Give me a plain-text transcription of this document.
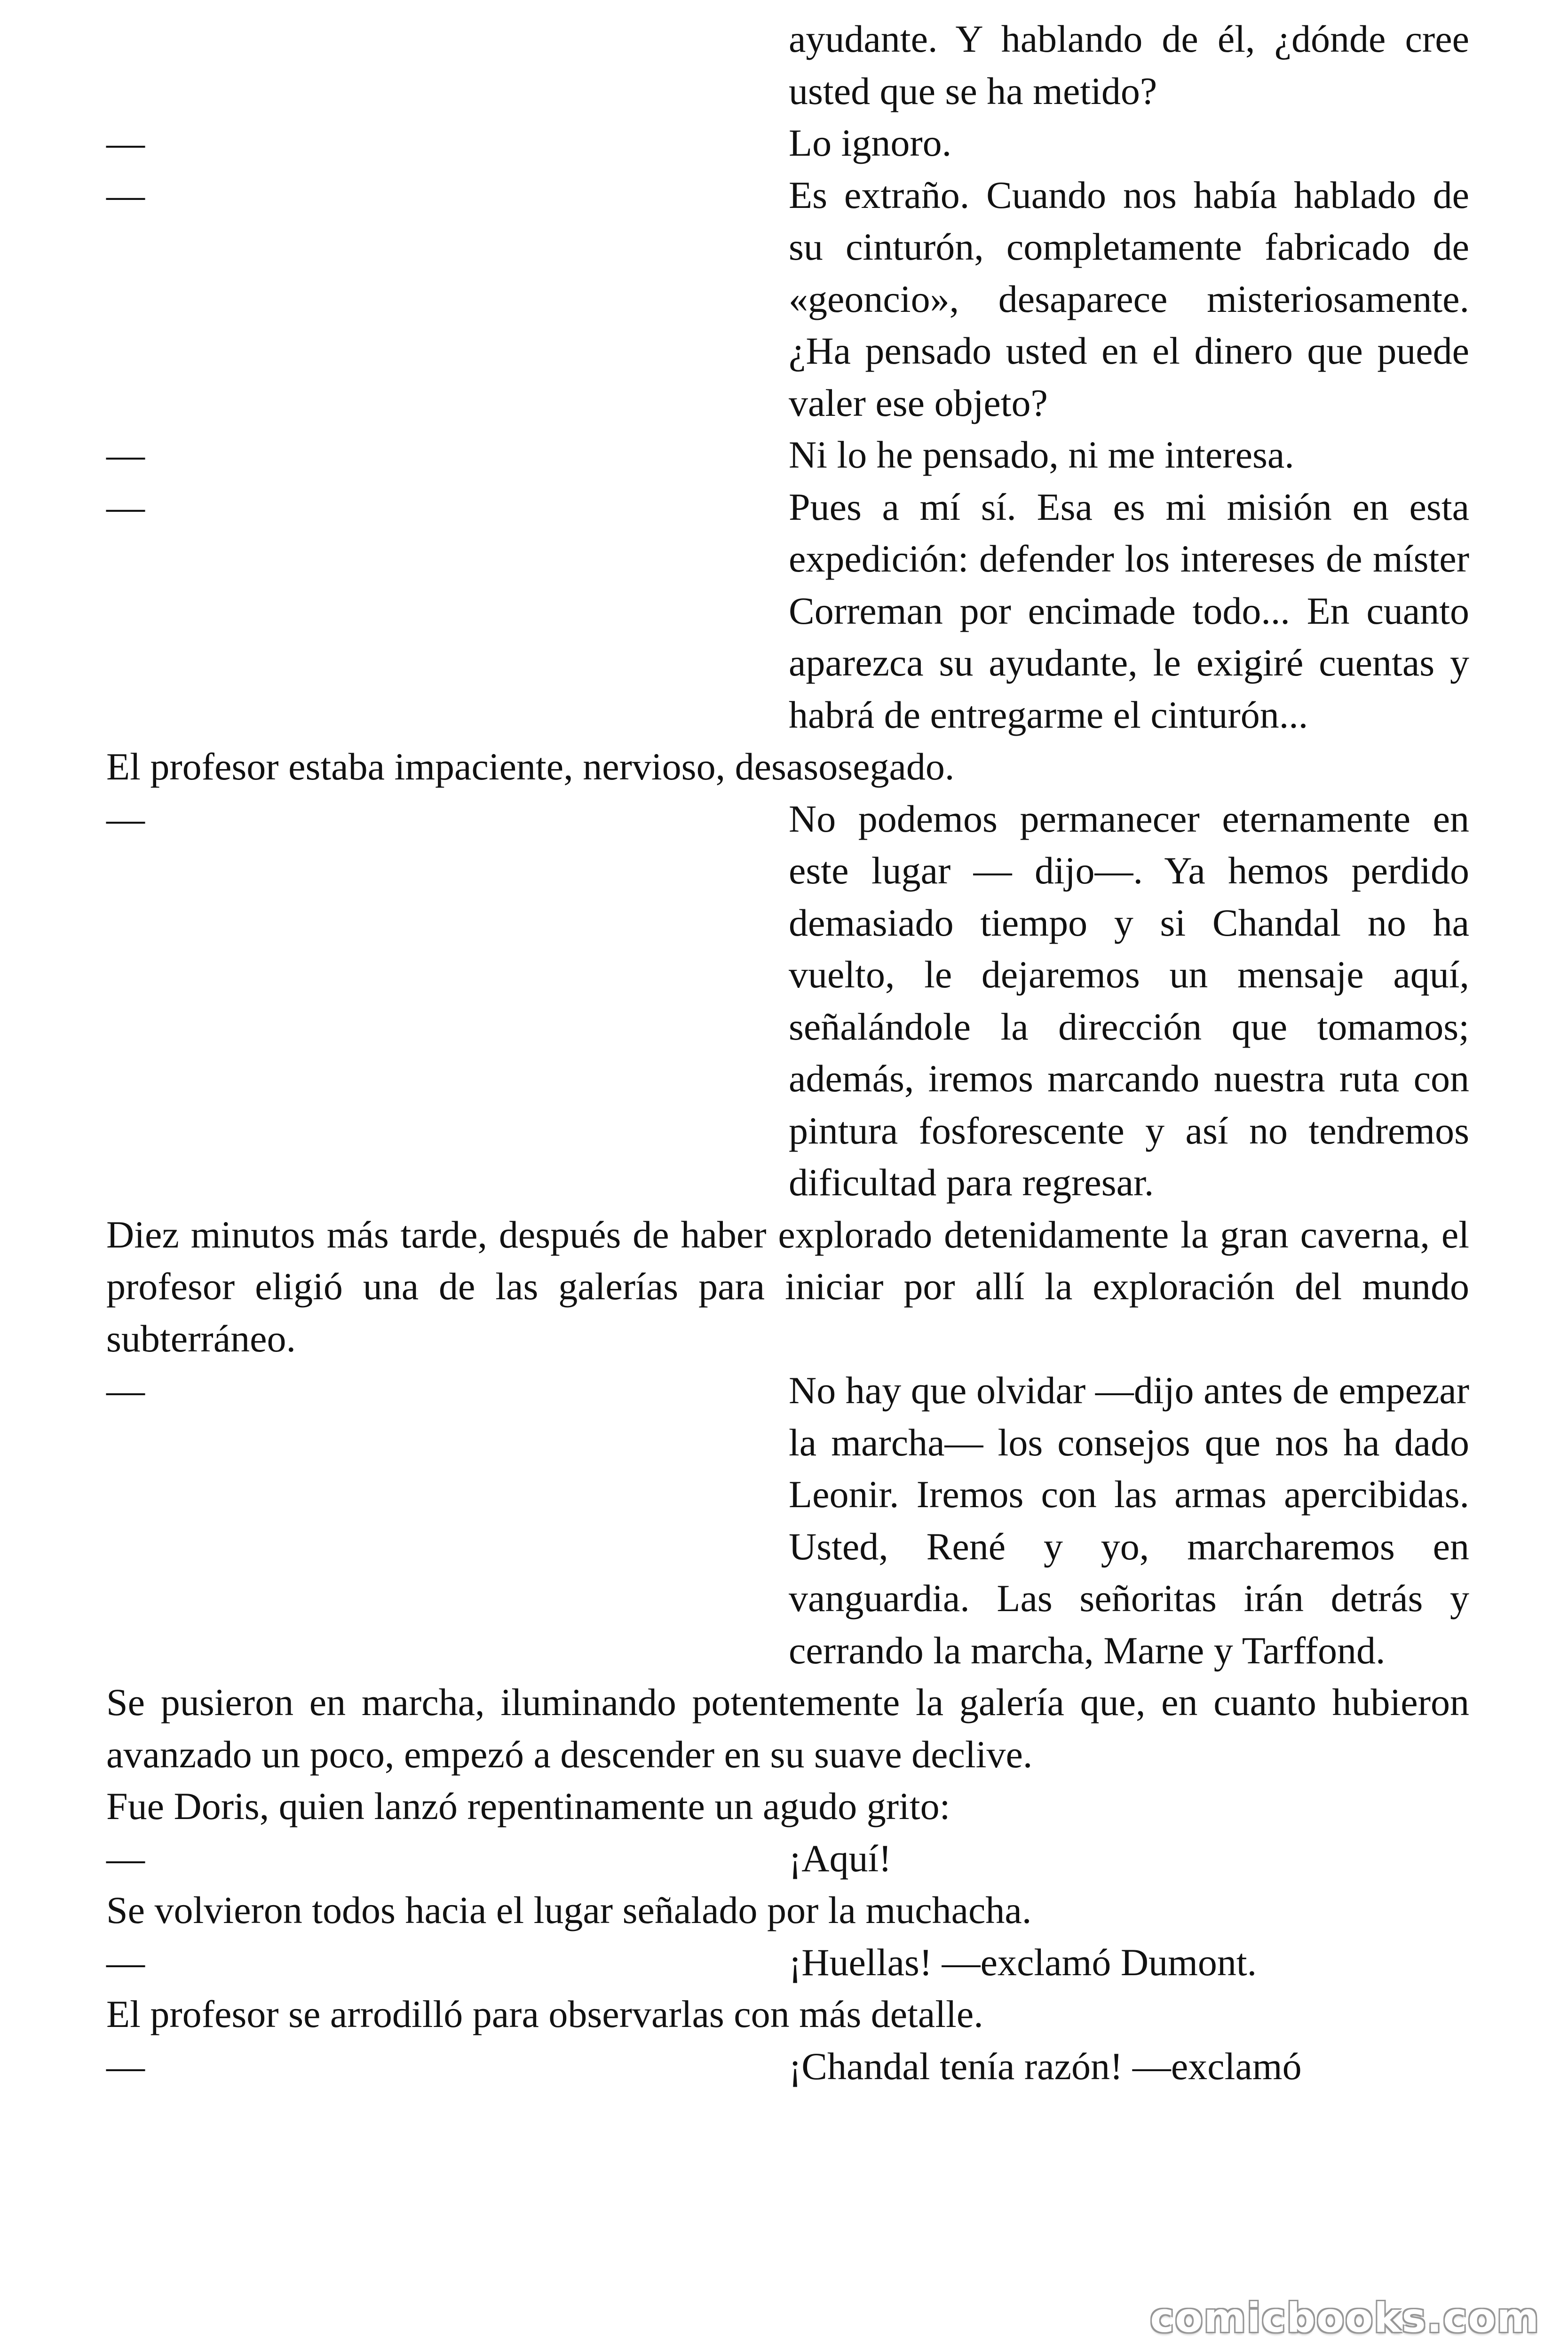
ayudante. Y hablando de él, ¿dónde cree usted que se ha metido?
—	Lo ignoro.
—	Es extraño. Cuando nos había hablado de su cinturón, completamente fabricado de «geoncio», desaparece misteriosamente. ¿Ha pensado usted en el dinero que puede valer ese objeto?
—	Ni lo he pensado, ni me interesa.
—	Pues a mí sí. Esa es mi misión en esta expedición: defender los intereses de míster Correman por encimade todo... En cuanto aparezca su ayudante, le exigiré cuentas y habrá de entregarme el cinturón...
El profesor estaba impaciente, nervioso, desasosegado.
—	No podemos permanecer eternamente en este lugar — dijo—. Ya hemos perdido demasiado tiempo y si Chandal no ha vuelto, le dejaremos un mensaje aquí, señalándole la dirección que tomamos; además, iremos marcando nuestra ruta con pintura fosforescente y así no tendremos dificultad para regresar.
Diez minutos más tarde, después de haber explorado detenidamente la gran caverna, el profesor eligió una de las galerías para iniciar por allí la exploración del mundo subterráneo.
—	No hay que olvidar —dijo antes de empezar la marcha— los consejos que nos ha dado Leonir. Iremos con las armas apercibidas. Usted, René y yo, marcharemos en vanguardia. Las señoritas irán detrás y cerrando la marcha, Marne y Tarffond.
Se pusieron en marcha, iluminando potentemente la galería que, en cuanto hubieron avanzado un poco, empezó a descender en su suave declive.
Fue Doris, quien lanzó repentinamente un agudo grito:
—	¡Aquí!
Se volvieron todos hacia el lugar señalado por la muchacha.
—	¡Huellas! —exclamó Dumont.
El profesor se arrodilló para observarlas con más detalle.
—	¡Chandal tenía razón! —exclamó
comicbooks.com
